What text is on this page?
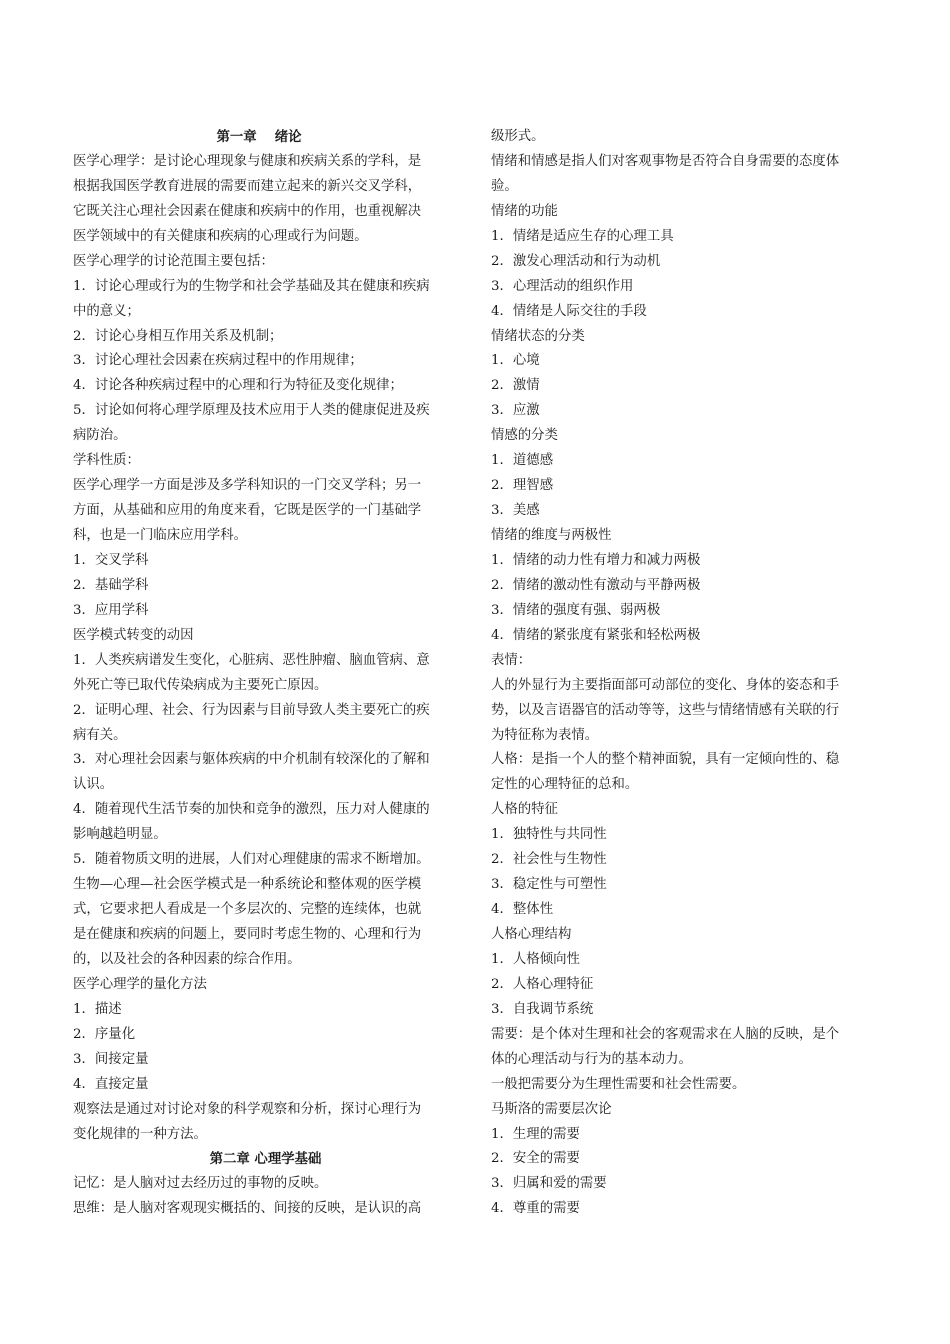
第一章 　绪论
医学心理学：是讨论心理现象与健康和疾病关系的学科，是
根据我国医学教育进展的需要而建立起来的新兴交叉学科，
它既关注心理社会因素在健康和疾病中的作用，也重视解决
医学领域中的有关健康和疾病的心理或行为问题。
医学心理学的讨论范围主要包括：
1．讨论心理或行为的生物学和社会学基础及其在健康和疾病
中的意义；
2．讨论心身相互作用关系及机制；
3．讨论心理社会因素在疾病过程中的作用规律；
4．讨论各种疾病过程中的心理和行为特征及变化规律；
5．讨论如何将心理学原理及技术应用于人类的健康促进及疾
病防治。
学科性质：
医学心理学一方面是涉及多学科知识的一门交叉学科；另一
方面，从基础和应用的角度来看，它既是医学的一门基础学
科，也是一门临床应用学科。
1．交叉学科
2．基础学科
3．应用学科
医学模式转变的动因
1．人类疾病谱发生变化，心脏病、恶性肿瘤、脑血管病、意
外死亡等已取代传染病成为主要死亡原因。
2．证明心理、社会、行为因素与目前导致人类主要死亡的疾
病有关。
3．对心理社会因素与躯体疾病的中介机制有较深化的了解和
认识。
4．随着现代生活节奏的加快和竞争的激烈，压力对人健康的
影响越趋明显。
5．随着物质文明的进展，人们对心理健康的需求不断增加。
生物—心理—社会医学模式是一种系统论和整体观的医学模
式，它要求把人看成是一个多层次的、完整的连续体，也就
是在健康和疾病的问题上，要同时考虑生物的、心理和行为
的，以及社会的各种因素的综合作用。
医学心理学的量化方法
1．描述
2．序量化
3．间接定量
4．直接定量
观察法是通过对讨论对象的科学观察和分析，探讨心理行为
变化规律的一种方法。
第二章 心理学基础
记忆：是人脑对过去经历过的事物的反映。
思维：是人脑对客观现实概括的、间接的反映，是认识的高
级形式。
情绪和情感是指人们对客观事物是否符合自身需要的态度体
验。
情绪的功能
1．情绪是适应生存的心理工具
2．激发心理活动和行为动机
3．心理活动的组织作用
4．情绪是人际交往的手段
情绪状态的分类
1．心境
2．激情
3．应激
情感的分类
1．道德感
2．理智感
3．美感
情绪的维度与两极性
1．情绪的动力性有增力和减力两极
2．情绪的激动性有激动与平静两极
3．情绪的强度有强、弱两极
4．情绪的紧张度有紧张和轻松两极
表情：
人的外显行为主要指面部可动部位的变化、身体的姿态和手
势，以及言语器官的活动等等，这些与情绪情感有关联的行
为特征称为表情。
人格：是指一个人的整个精神面貌，具有一定倾向性的、稳
定性的心理特征的总和。
人格的特征
1．独特性与共同性
2．社会性与生物性
3．稳定性与可塑性
4．整体性
人格心理结构
1．人格倾向性
2．人格心理特征
3．自我调节系统
需要：是个体对生理和社会的客观需求在人脑的反映，是个
体的心理活动与行为的基本动力。
一般把需要分为生理性需要和社会性需要。
马斯洛的需要层次论
1．生理的需要
2．安全的需要
3．归属和爱的需要
4．尊重的需要
